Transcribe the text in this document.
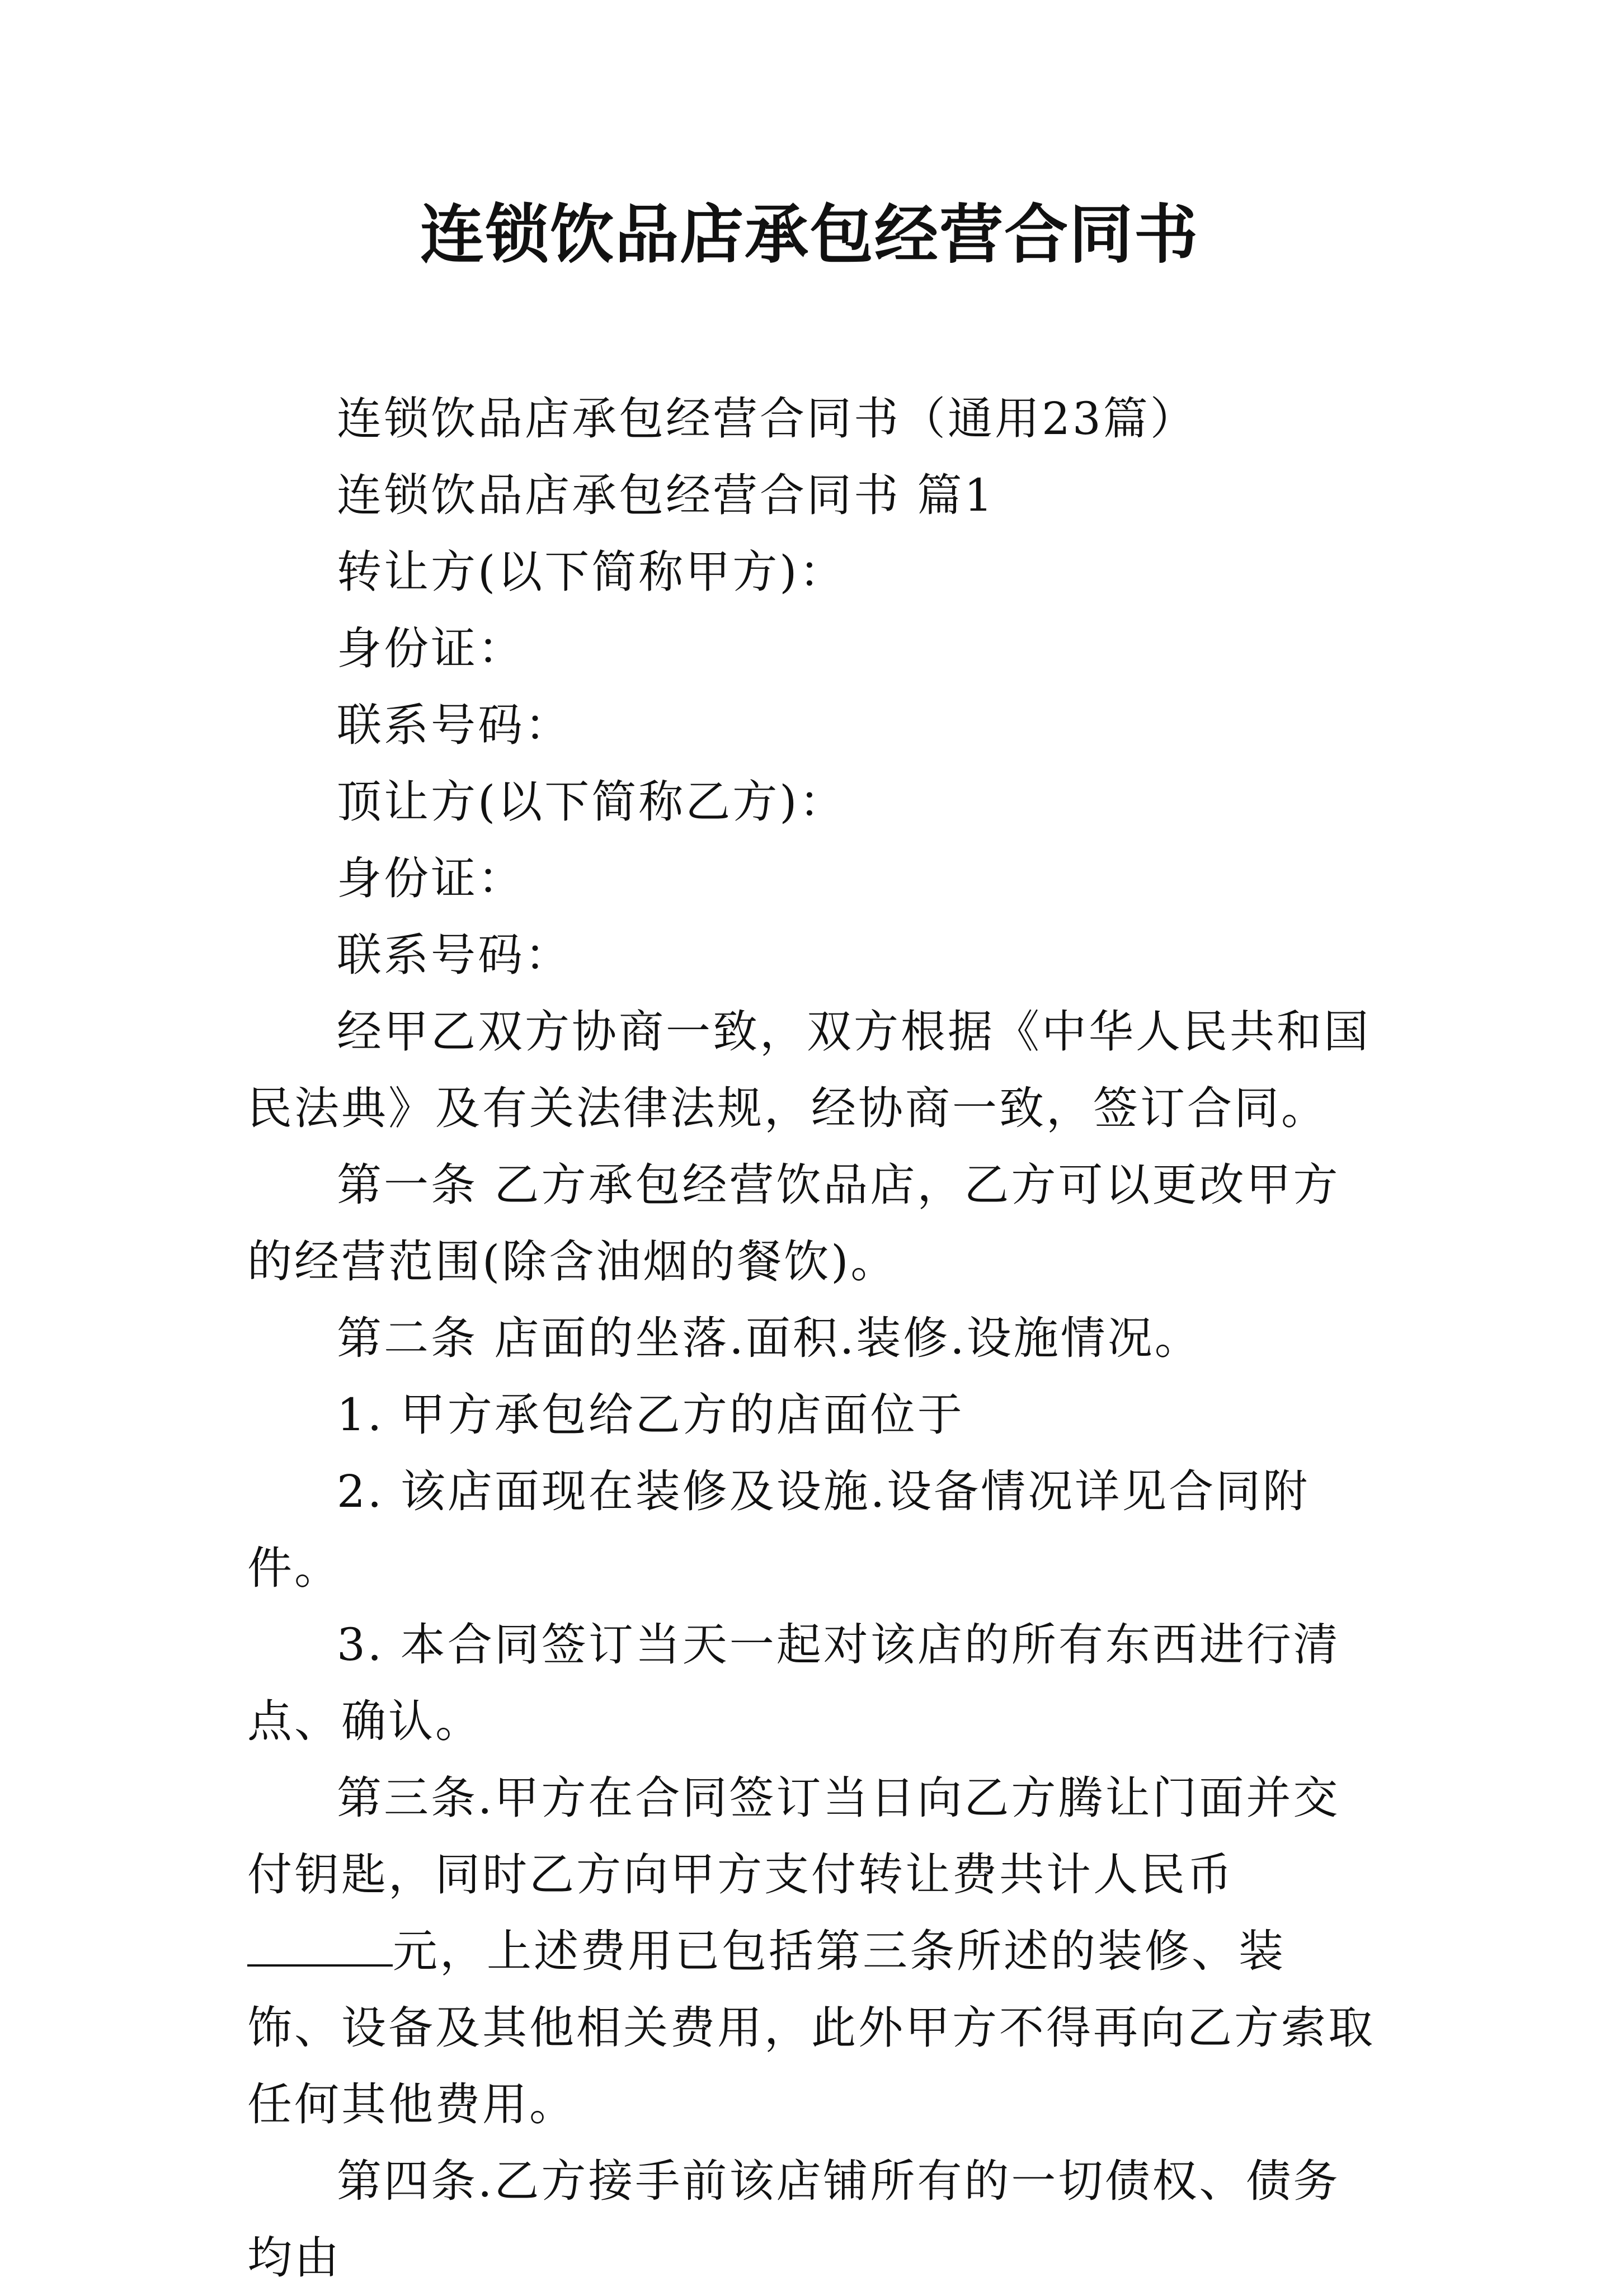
连锁饮品店承包经营合同书

连锁饮品店承包经营合同书（通用23篇）

连锁饮品店承包经营合同书 篇1

转让方(以下简称甲方)：

身份证：

联系号码：

顶让方(以下简称乙方)：

身份证：

联系号码：

经甲乙双方协商一致，双方根据《中华人民共和国民法典》及有关法律法规，经协商一致，签订合同。

第一条 乙方承包经营饮品店，乙方可以更改甲方的经营范围(除含油烟的餐饮)。

第二条 店面的坐落.面积.装修.设施情况。

1. 甲方承包给乙方的店面位于

2. 该店面现在装修及设施.设备情况详见合同附件。

3. 本合同签订当天一起对该店的所有东西进行清点、确认。

第三条.甲方在合同签订当日向乙方腾让门面并交付钥匙，同时乙方向甲方支付转让费共计人民币元，上述费用已包括第三条所述的装修、装饰、设备及其他相关费用，此外甲方不得再向乙方索取任何其他费用。

第四条.乙方接手前该店铺所有的一切债权、债务均由
